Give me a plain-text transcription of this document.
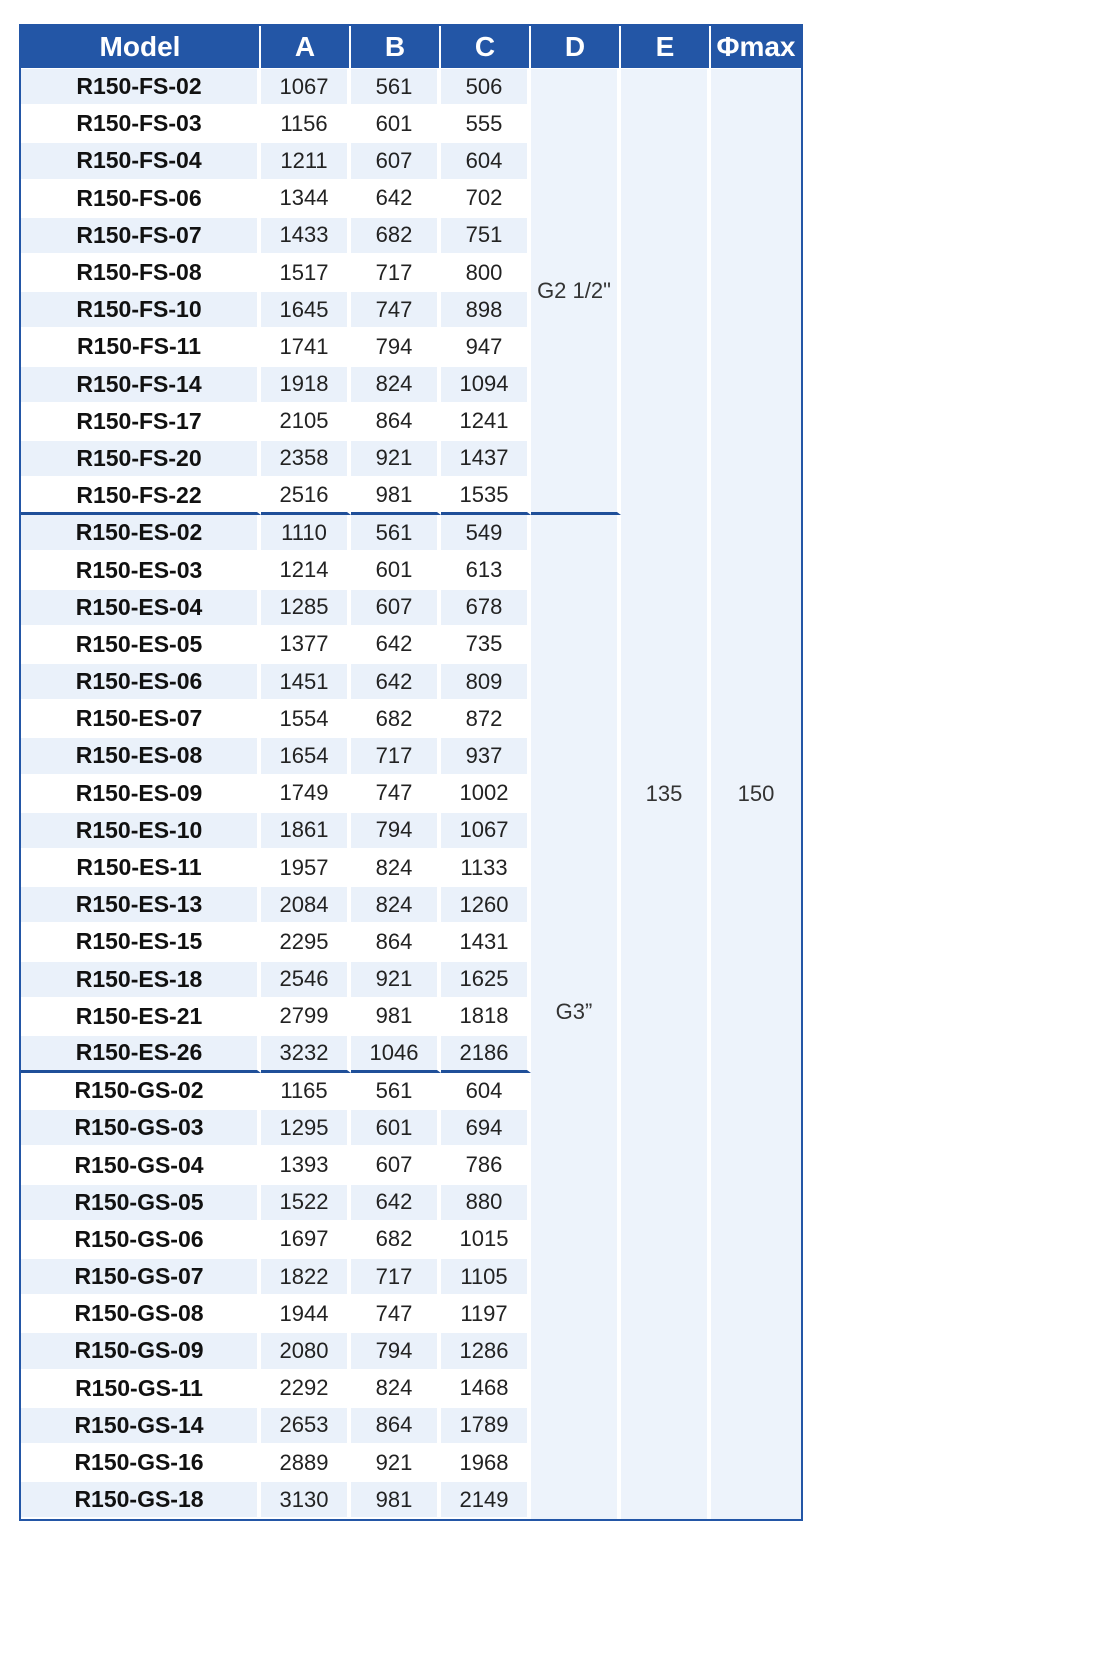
Model	A	B	C	D	E	Φmax
R150-FS-02	1067	561	506	G2 1/2"	135	150
R150-FS-03	1156	601	555			
R150-FS-04	1211	607	604			
R150-FS-06	1344	642	702			
R150-FS-07	1433	682	751			
R150-FS-08	1517	717	800			
R150-FS-10	1645	747	898			
R150-FS-11	1741	794	947			
R150-FS-14	1918	824	1094			
R150-FS-17	2105	864	1241			
R150-FS-20	2358	921	1437			
R150-FS-22	2516	981	1535			
R150-ES-02	1110	561	549	G3”		

R150-ES-03	1214	601	613			
R150-ES-04	1285	607	678			
R150-ES-05	1377	642	735			
R150-ES-06	1451	642	809			
R150-ES-07	1554	682	872			
R150-ES-08	1654	717	937			
R150-ES-09	1749	747	1002			
R150-ES-10	1861	794	1067			
R150-ES-11	1957	824	1133			
R150-ES-13	2084	824	1260			
R150-ES-15	2295	864	1431			
R150-ES-18	2546	921	1625			
R150-ES-21	2799	981	1818			
R150-ES-26	3232	1046	2186			
R150-GS-02	1165	561	604			
R150-GS-03	1295	601	694			
R150-GS-04	1393	607	786			
R150-GS-05	1522	642	880			
R150-GS-06	1697	682	1015			
R150-GS-07	1822	717	1105			
R150-GS-08	1944	747	1197			
R150-GS-09	2080	794	1286			
R150-GS-11	2292	824	1468			
R150-GS-14	2653	864	1789			
R150-GS-16	2889	921	1968			
R150-GS-18	3130	981	2149			
